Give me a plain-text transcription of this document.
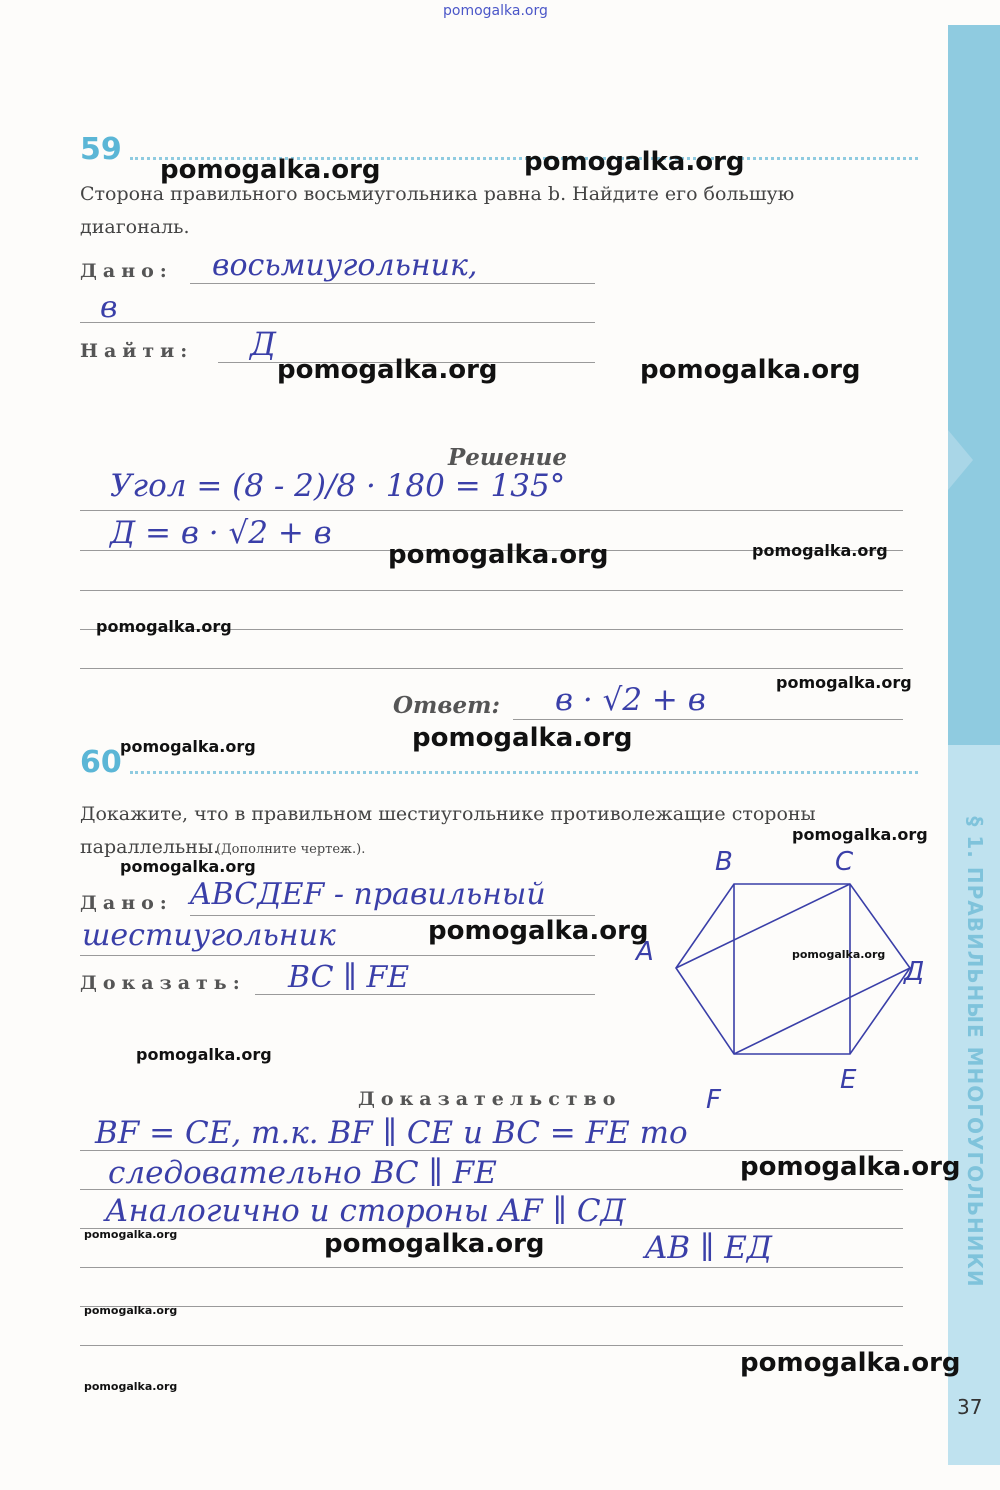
§ 1. ПРАВИЛЬНЫЕ МНОГОУГОЛЬНИКИ
pomogalka.org
59
Сторона правильного восьмиугольника равна b. Найдите его большую
диагональ.
Дано: восьмиугольник,
в
Найти: Д
Решение
Угол = (8 - 2)/8 · 180 = 135°
Д = в · √2 + в
Ответ: в · √2 + в
60
Докажите, что в правильном шестиугольнике противолежащие стороны
параллельны.
(Дополните чертеж.).
Дано: ABCДEF - правильный
шестиугольник
Доказать: BC ∥ FE
B	C
A
Д
E
F
Доказательство
BF = CE, т.к. BF ∥ CE и BC = FE то
следовательно BC ∥ FE
Аналогично и стороны AF ∥ CД
AB ∥ EД
37
pomogalka.org	pomogalka.org
pomogalka.org	pomogalka.org
pomogalka.org	pomogalka.org
pomogalka.org
pomogalka.org
pomogalka.org	pomogalka.org
pomogalka.org
pomogalka.org
pomogalka.org
pomogalka.org
pomogalka.org
pomogalka.org
pomogalka.org	pomogalka.org
pomogalka.org
pomogalka.org
pomogalka.org
